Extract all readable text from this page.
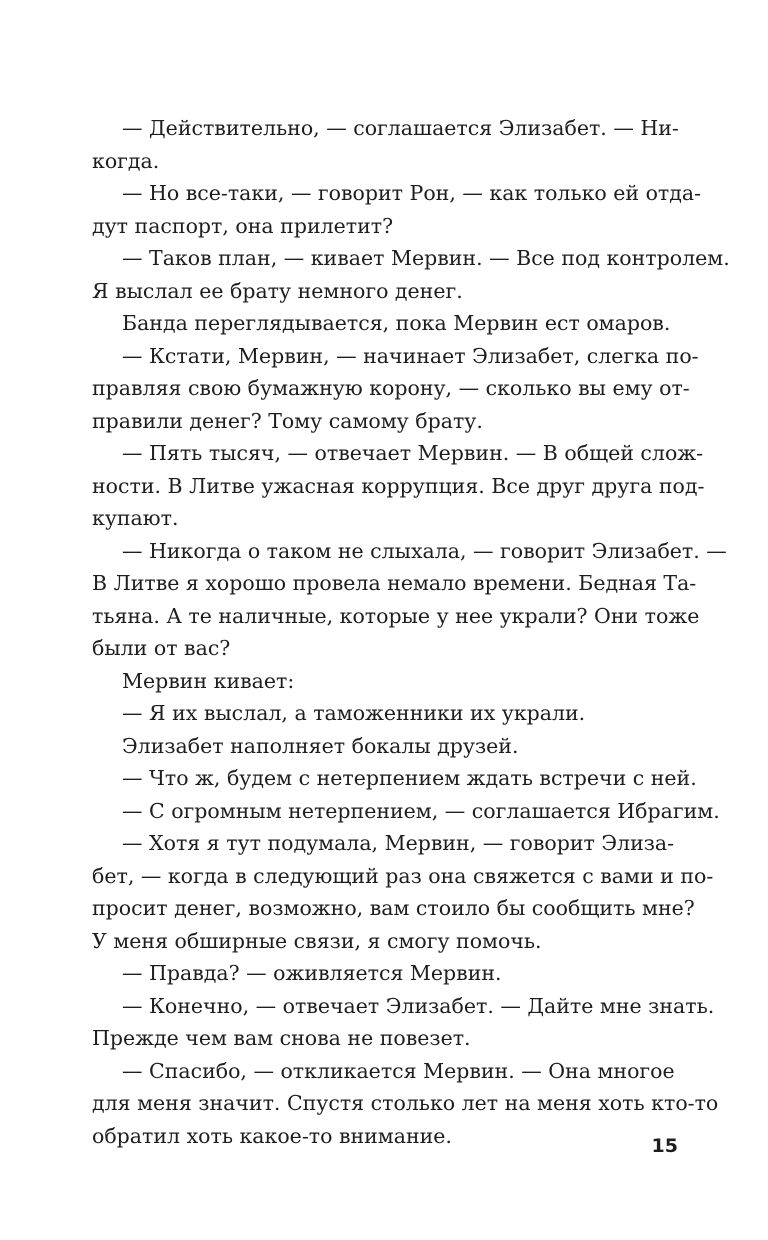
— Действительно, — соглашается Элизабет. — Ни-
когда.
— Но все-таки, — говорит Рон, — как только ей отда-
дут паспорт, она прилетит?
— Таков план, — кивает Мервин. — Все под контролем.
Я выслал ее брату немного денег.
Банда переглядывается, пока Мервин ест омаров.
— Кстати, Мервин, — начинает Элизабет, слегка по-
правляя свою бумажную корону, — сколько вы ему от-
правили денег? Тому самому брату.
— Пять тысяч, — отвечает Мервин. — В общей слож-
ности. В Литве ужасная коррупция. Все друг друга под-
купают.
— Никогда о таком не слыхала, — говорит Элизабет. —
В Литве я хорошо провела немало времени. Бедная Та-
тьяна. А те наличные, которые у нее украли? Они тоже
были от вас?
Мервин кивает:
— Я их выслал, а таможенники их украли.
Элизабет наполняет бокалы друзей.
— Что ж, будем с нетерпением ждать встречи с ней.
— С огромным нетерпением, — соглашается Ибрагим.
— Хотя я тут подумала, Мервин, — говорит Элиза-
бет, — когда в следующий раз она свяжется с вами и по-
просит денег, возможно, вам стоило бы сообщить мне?
У меня обширные связи, я смогу помочь.
— Правда? — оживляется Мервин.
— Конечно, — отвечает Элизабет. — Дайте мне знать.
Прежде чем вам снова не повезет.
— Спасибо, — откликается Мервин. — Она многое
для меня значит. Спустя столько лет на меня хоть кто-то
обратил хоть какое-то внимание.	15
